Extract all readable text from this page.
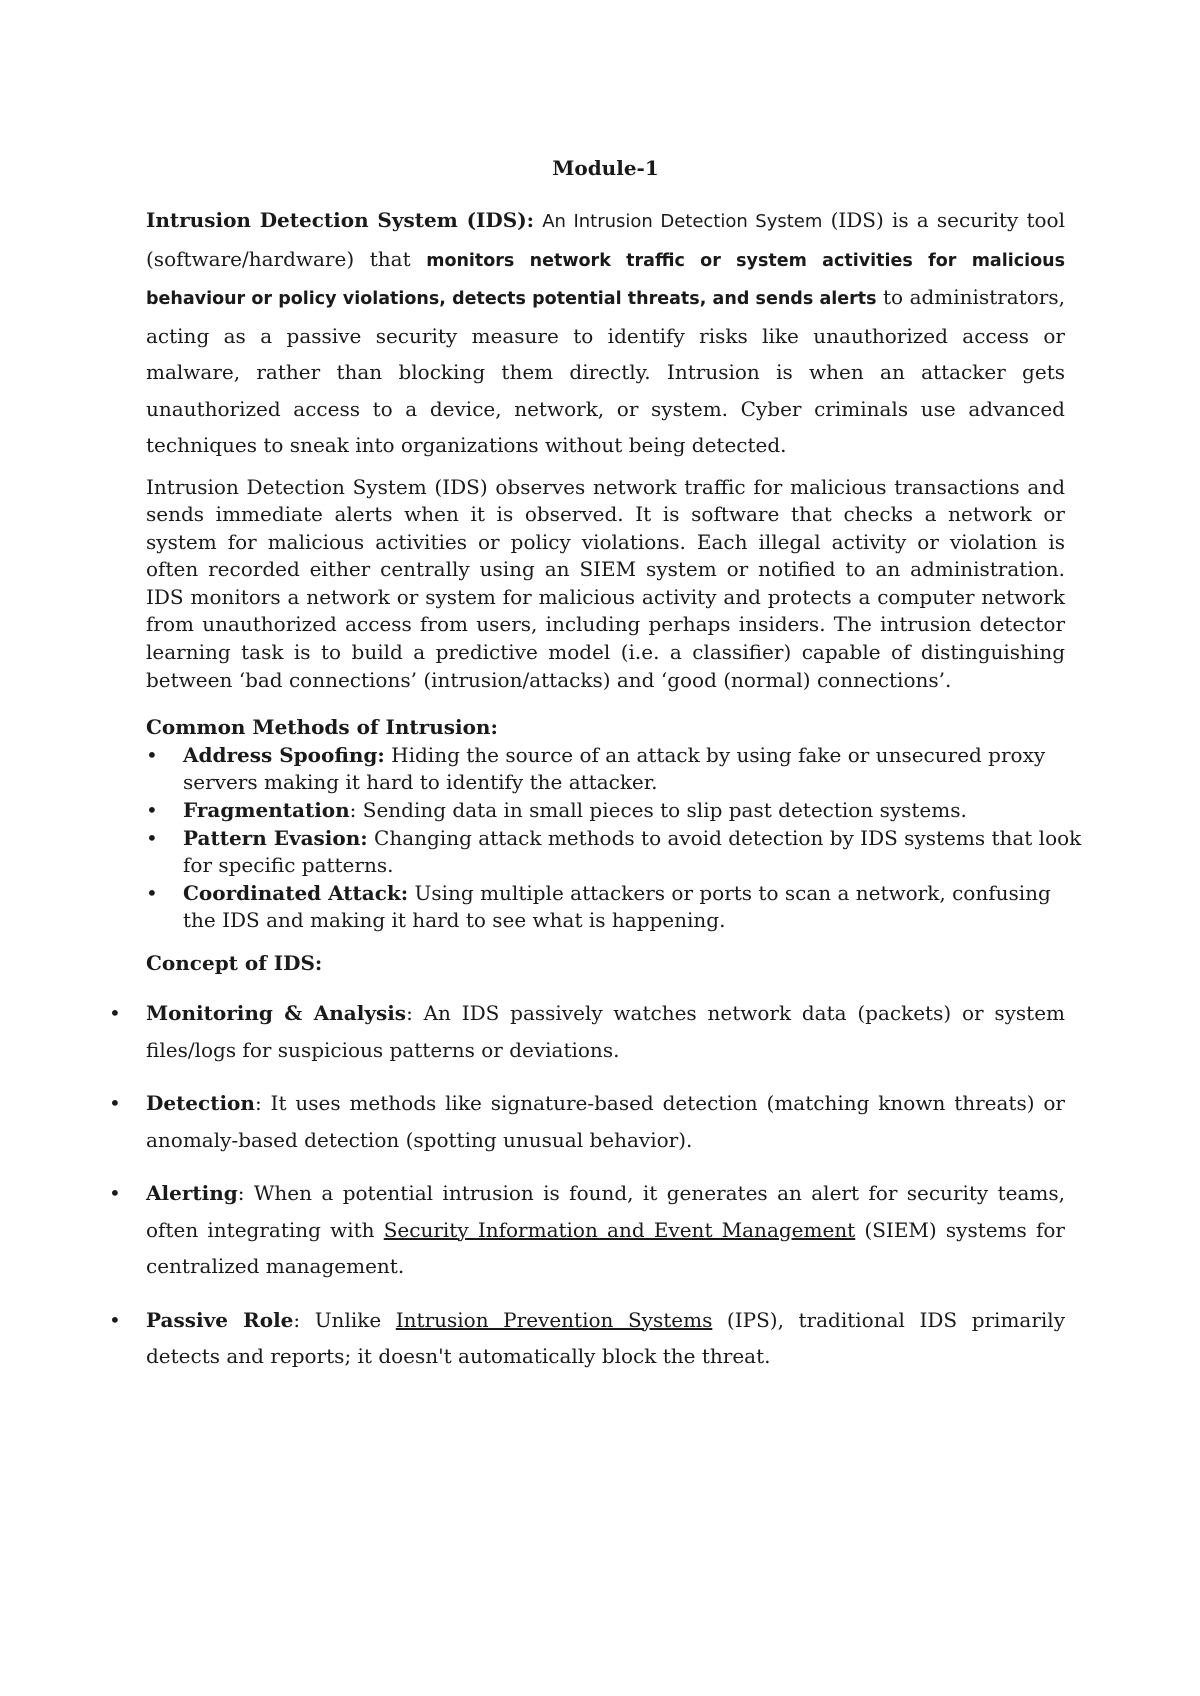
Module-1

Intrusion Detection System (IDS): An Intrusion Detection System (IDS) is a security tool (software/hardware) that monitors network traffic or system activities for malicious behaviour or policy violations, detects potential threats, and sends alerts to administrators, acting as a passive security measure to identify risks like unauthorized access or malware, rather than blocking them directly. Intrusion is when an attacker gets unauthorized access to a device, network, or system. Cyber criminals use advanced techniques to sneak into organizations without being detected.

Intrusion Detection System (IDS) observes network traffic for malicious transactions and sends immediate alerts when it is observed. It is software that checks a network or system for malicious activities or policy violations. Each illegal activity or violation is often recorded either centrally using an SIEM system or notified to an administration. IDS monitors a network or system for malicious activity and protects a computer network from unauthorized access from users, including perhaps insiders. The intrusion detector learning task is to build a predictive model (i.e. a classifier) capable of distinguishing between ‘bad connections’ (intrusion/attacks) and ‘good (normal) connections’.

Common Methods of Intrusion:
• Address Spoofing: Hiding the source of an attack by using fake or unsecured proxy servers making it hard to identify the attacker.
• Fragmentation: Sending data in small pieces to slip past detection systems.
• Pattern Evasion: Changing attack methods to avoid detection by IDS systems that look for specific patterns.
• Coordinated Attack: Using multiple attackers or ports to scan a network, confusing the IDS and making it hard to see what is happening.
Concept of IDS:
• Monitoring & Analysis: An IDS passively watches network data (packets) or system files/logs for suspicious patterns or deviations.
• Detection: It uses methods like signature-based detection (matching known threats) or anomaly-based detection (spotting unusual behavior).
• Alerting: When a potential intrusion is found, it generates an alert for security teams, often integrating with Security Information and Event Management (SIEM) systems for centralized management.
• Passive Role: Unlike Intrusion Prevention Systems (IPS), traditional IDS primarily detects and reports; it doesn't automatically block the threat.
